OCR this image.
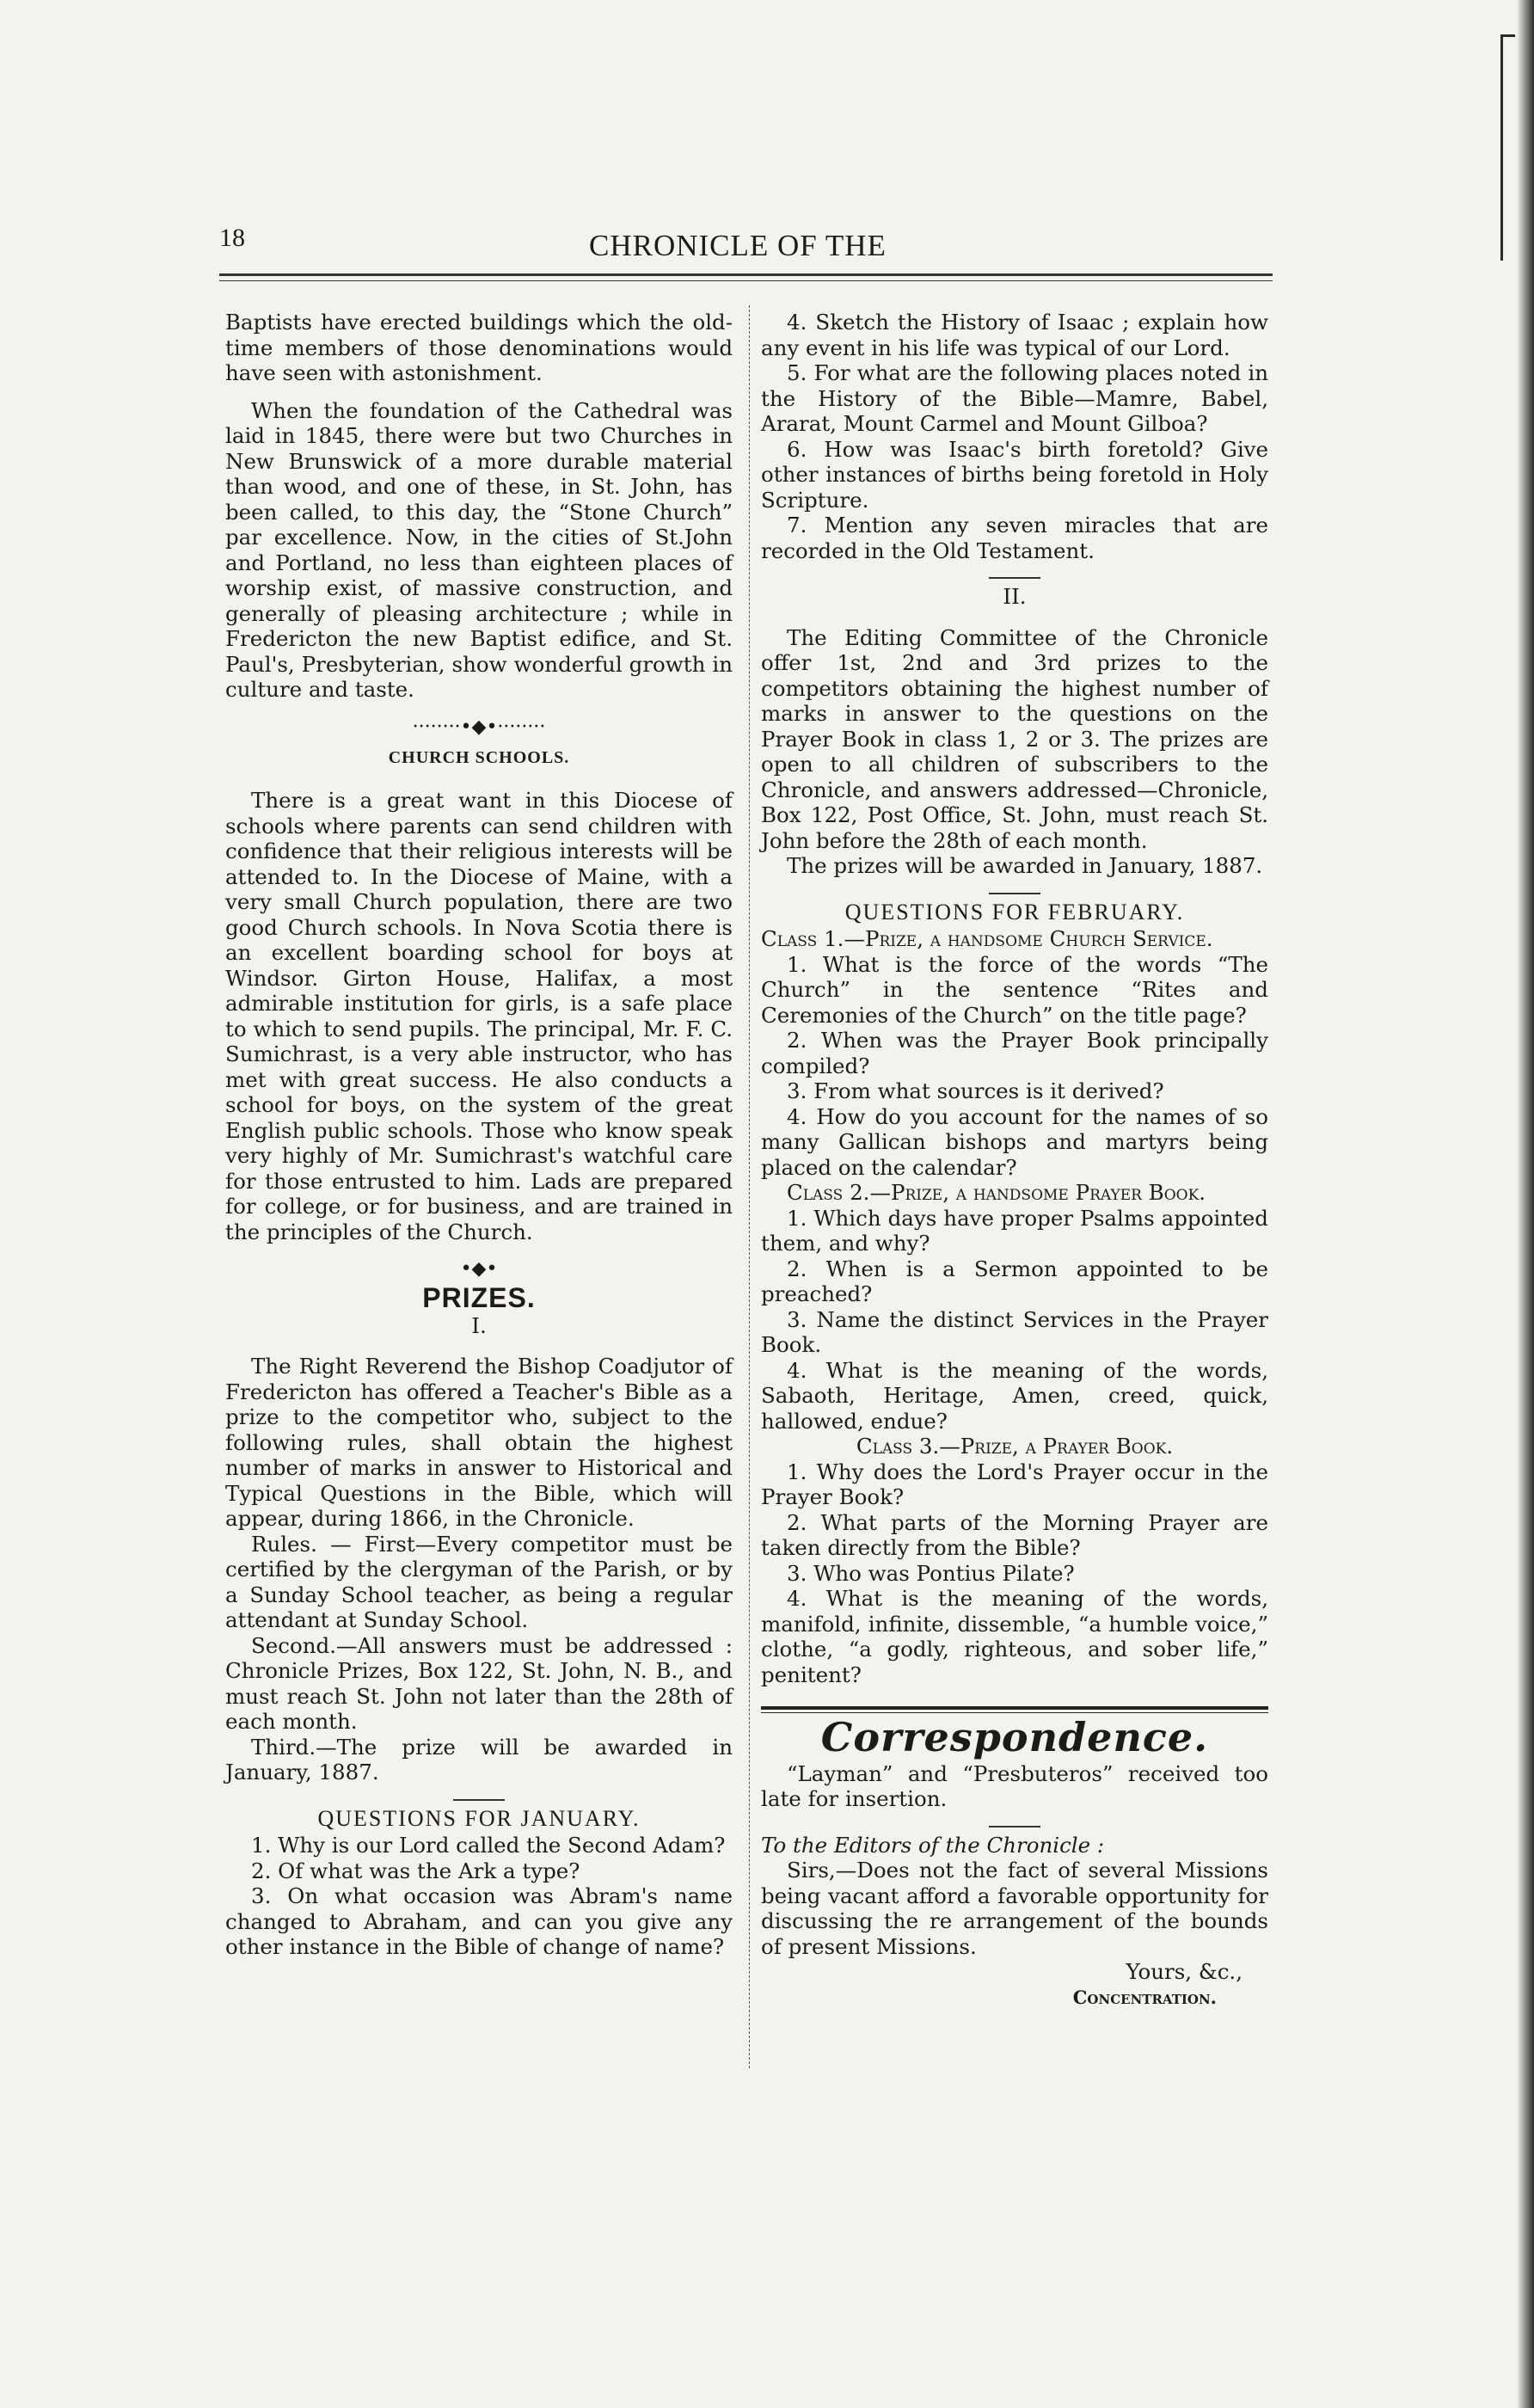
18	CHRONICLE OF THE

Baptists have erected buildings which the old-time members of those denominations would have seen with astonishment.

When the foundation of the Cathedral was laid in 1845, there were but two Churches in New Brunswick of a more durable material than wood, and one of these, in St. John, has been called, to this day, the “Stone Church” par excellence. Now, in the cities of St.John and Portland, no less than eighteen places of worship exist, of massive construction, and generally of pleasing architecture ; while in Fredericton the new Baptist edifice, and St. Paul's, Presbyterian, show wonderful growth in culture and taste.

········•◆•········
CHURCH SCHOOLS.

There is a great want in this Diocese of schools where parents can send children with confidence that their religious interests will be attended to. In the Diocese of Maine, with a very small Church population, there are two good Church schools. In Nova Scotia there is an excellent boarding school for boys at Windsor. Girton House, Halifax, a most admirable institution for girls, is a safe place to which to send pupils. The principal, Mr. F. C. Sumichrast, is a very able instructor, who has met with great success. He also conducts a school for boys, on the system of the great English public schools. Those who know speak very highly of Mr. Sumichrast's watchful care for those entrusted to him. Lads are prepared for college, or for business, and are trained in the principles of the Church.

•◆•
PRIZES.
I.

The Right Reverend the Bishop Coadjutor of Fredericton has offered a Teacher's Bible as a prize to the competitor who, subject to the following rules, shall obtain the highest number of marks in answer to Historical and Typical Questions in the Bible, which will appear, during 1866, in the Chronicle.

Rules. — First—Every competitor must be certified by the clergyman of the Parish, or by a Sunday School teacher, as being a regular attendant at Sunday School.

Second.—All answers must be addressed : Chronicle Prizes, Box 122, St. John, N. B., and must reach St. John not later than the 28th of each month.

Third.—The prize will be awarded in January, 1887.

QUESTIONS FOR JANUARY.

1. Why is our Lord called the Second Adam?

2. Of what was the Ark a type?

3. On what occasion was Abram's name changed to Abraham, and can you give any other instance in the Bible of change of name?

4. Sketch the History of Isaac ; explain how any event in his life was typical of our Lord.

5. For what are the following places noted in the History of the Bible—Mamre, Babel, Ararat, Mount Carmel and Mount Gilboa?

6. How was Isaac's birth foretold? Give other instances of births being foretold in Holy Scripture.

7. Mention any seven miracles that are recorded in the Old Testament.

II.

The Editing Committee of the Chronicle offer 1st, 2nd and 3rd prizes to the competitors obtaining the highest number of marks in answer to the questions on the Prayer Book in class 1, 2 or 3. The prizes are open to all children of subscribers to the Chronicle, and answers addressed—Chronicle, Box 122, Post Office, St. John, must reach St. John before the 28th of each month.

The prizes will be awarded in January, 1887.

QUESTIONS FOR FEBRUARY.

Class 1.—Prize, a handsome Church Service.

1. What is the force of the words “The Church” in the sentence “Rites and Ceremonies of the Church” on the title page?

2. When was the Prayer Book principally compiled?

3. From what sources is it derived?

4. How do you account for the names of so many Gallican bishops and martyrs being placed on the calendar?

Class 2.—Prize, a handsome Prayer Book.

1. Which days have proper Psalms appointed them, and why?

2. When is a Sermon appointed to be preached?

3. Name the distinct Services in the Prayer Book.

4. What is the meaning of the words, Sabaoth, Heritage, Amen, creed, quick, hallowed, endue?

Class 3.—Prize, a Prayer Book.

1. Why does the Lord's Prayer occur in the Prayer Book?

2. What parts of the Morning Prayer are taken directly from the Bible?

3. Who was Pontius Pilate?

4. What is the meaning of the words, manifold, infinite, dissemble, “a humble voice,” clothe, “a godly, righteous, and sober life,” penitent?

Correspondence.

“Layman” and “Presbuteros” received too late for insertion.

To the Editors of the Chronicle :

Sirs,—Does not the fact of several Missions being vacant afford a favorable opportunity for discussing the re arrangement of the bounds of present Missions.

Yours, &c.,

Concentration.
